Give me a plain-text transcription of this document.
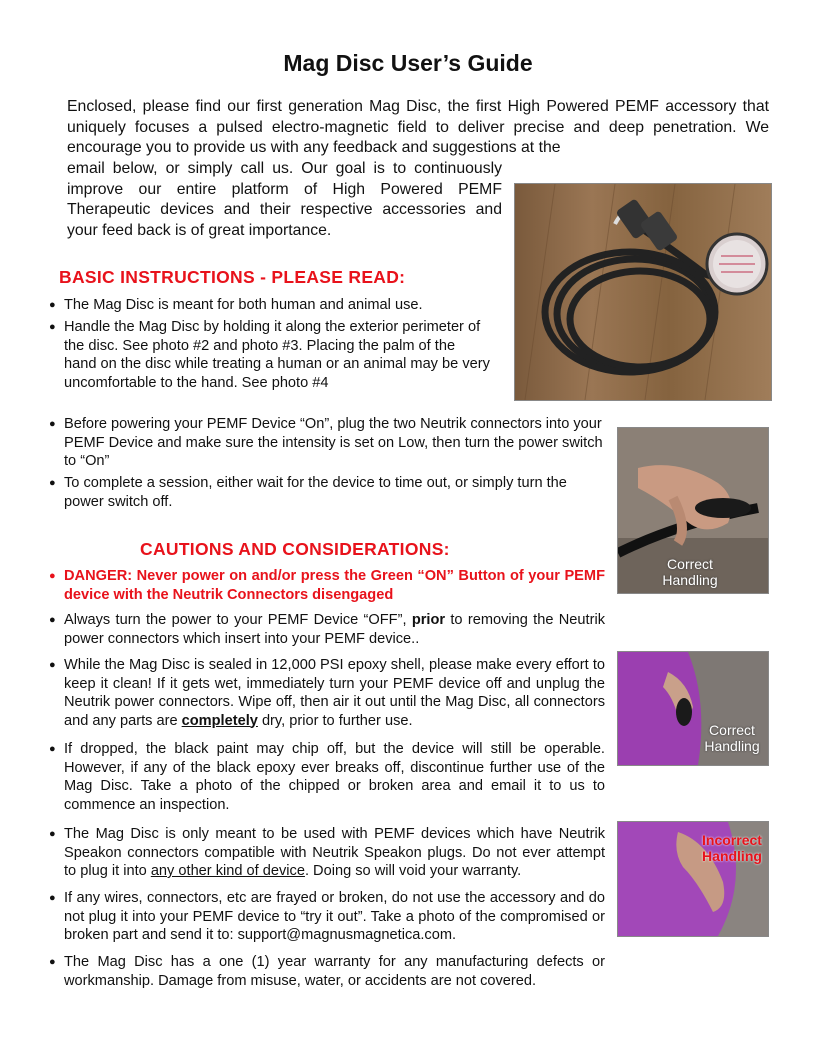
Mag Disc User’s Guide
Enclosed, please find our first generation Mag Disc, the first High Powered PEMF accessory that uniquely focuses a pulsed electro-magnetic field to deliver precise and deep penetration. We encourage you to provide us with any feedback and suggestions at the
email below, or simply call us. Our goal is to continuously improve our entire platform of High Powered PEMF Therapeutic devices and their respective accessories and your feed back is of great importance.
Correct Handling
Correct Handling
Incorrect Handling
BASIC INSTRUCTIONS - PLEASE READ:

● The Mag Disc is meant for both human and animal use.

● Handle the Mag Disc by holding it along the exterior perimeter of the disc. See photo #2 and photo #3. Placing the palm of the hand on the disc while treating a human or an animal may be very uncomfortable to the hand. See photo #4

● Before powering your PEMF Device “On”, plug the two Neutrik connectors into your PEMF Device and make sure the intensity is set on Low, then turn the power switch to “On”

● To complete a session, either wait for the device to time out, or simply turn the power switch off.

CAUTIONS AND CONSIDERATIONS:

● DANGER: Never power on and/or press the Green “ON” Button of your PEMF device with the Neutrik Connectors disengaged

● Always turn the power to your PEMF Device “OFF”, prior to removing the Neutrik power connectors which insert into your PEMF device..

● While the Mag Disc is sealed in 12,000 PSI epoxy shell, please make every effort to keep it clean! If it gets wet, immediately turn your PEMF device off and unplug the Neutrik power connectors. Wipe off, then air it out until the Mag Disc, all connectors and any parts are completely dry, prior to further use.

● If dropped, the black paint may chip off, but the device will still be operable. However, if any of the black epoxy ever breaks off, discontinue further use of the Mag Disc. Take a photo of the chipped or broken area and email it to us to commence an inspection.

● The Mag Disc is only meant to be used with PEMF devices which have Neutrik Speakon connectors compatible with Neutrik Speakon plugs. Do not ever attempt to plug it into any other kind of device. Doing so will void your warranty.

● If any wires, connectors, etc are frayed or broken, do not use the accessory and do not plug it into your PEMF device to “try it out”. Take a photo of the compromised or broken part and send it to: support@magnusmagnetica.com.

● The Mag Disc has a one (1) year warranty for any manufacturing defects or workmanship. Damage from misuse, water, or accidents are not covered.
